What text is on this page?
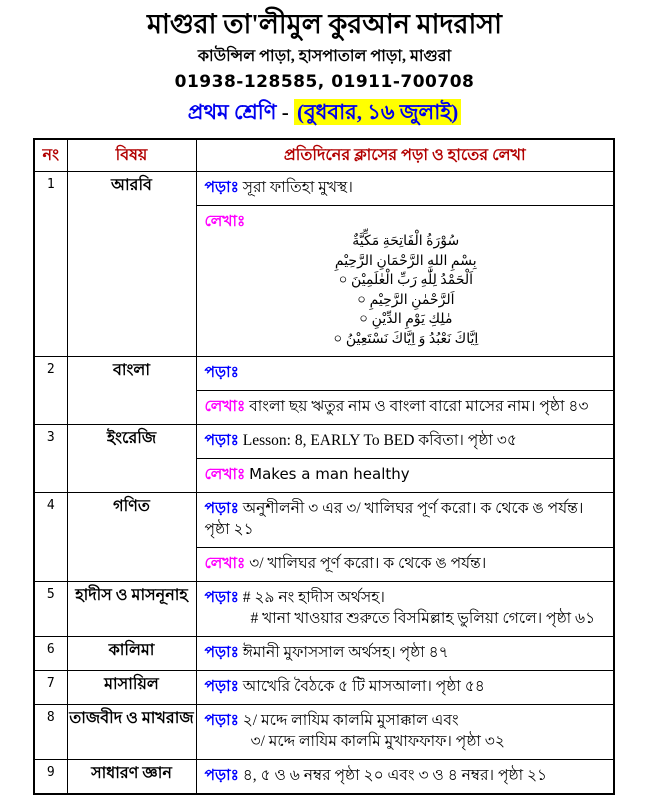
মাগুরা তা'লীমুল কুরআন মাদরাসা
কাউন্সিল পাড়া, হাসপাতাল পাড়া, মাগুরা
01938-128585, 01911-700708
প্রথম শ্রেণি - (বুধবার, ১৬ জুলাই)
নং	বিষয়	প্রতিদিনের ক্লাসের পড়া ও হাতের লেখা
1	আরবি	পড়াঃ সূরা ফাতিহা মুখস্থ।
লেখাঃ
سُوْرَةُ الْفَاتِحَةِ مَكِّيَّةٌ
بِسْمِ اللهِ الرَّحْمَانِ الرَّحِيْمِ
০ اَلْحَمْدُ لِلّٰهِ رَبِّ الْعٰلَمِيْنَ
০ اَلرَّحْمٰنِ الرَّحِيْمِ
০ مٰلِكِ يَوْمِ الدِّيْنِ
০ اِيَّاكَ نَعْبُدُ وَ اِيَّاكَ نَسْتَعِيْنُ

2	বাংলা	পড়াঃ
লেখাঃ বাংলা ছয় ঋতুর নাম ও বাংলা বারো মাসের নাম। পৃষ্ঠা ৪৩

3	ইংরেজি	পড়াঃ Lesson: 8, EARLY To BED কবিতা। পৃষ্ঠা ৩৫
লেখাঃ Makes a man healthy

4	গণিত	পড়াঃ অনুশীলনী ৩ এর ৩/ খালিঘর পূর্ণ করো। ক থেকে ঙ পর্যন্ত। পৃষ্ঠা ২১
লেখাঃ ৩/ খালিঘর পূর্ণ করো। ক থেকে ঙ পর্যন্ত।

5	হাদীস ও মাসনূনাহ	পড়াঃ # ২৯ নং হাদীস অর্থসহ।
# খানা খাওয়ার শুরুতে বিসমিল্লাহ ভুলিয়া গেলে। পৃষ্ঠা ৬১

6	কালিমা	পড়াঃ ঈমানী মুফাসসাল অর্থসহ। পৃষ্ঠা ৪৭

7	মাসায়িল	পড়াঃ আখেরি বৈঠকে ৫ টি মাসআলা। পৃষ্ঠা ৫৪

8	তাজবীদ ও মাখরাজ	পড়াঃ ২/ মদ্দে লাযিম কালমি মুসাক্কাল এবং
৩/ মদ্দে লাযিম কালমি মুখাফফাফ। পৃষ্ঠা ৩২

9	সাধারণ জ্ঞান	পড়াঃ ৪, ৫ ও ৬ নম্বর পৃষ্ঠা ২০ এবং ৩ ও ৪ নম্বর। পৃষ্ঠা ২১
